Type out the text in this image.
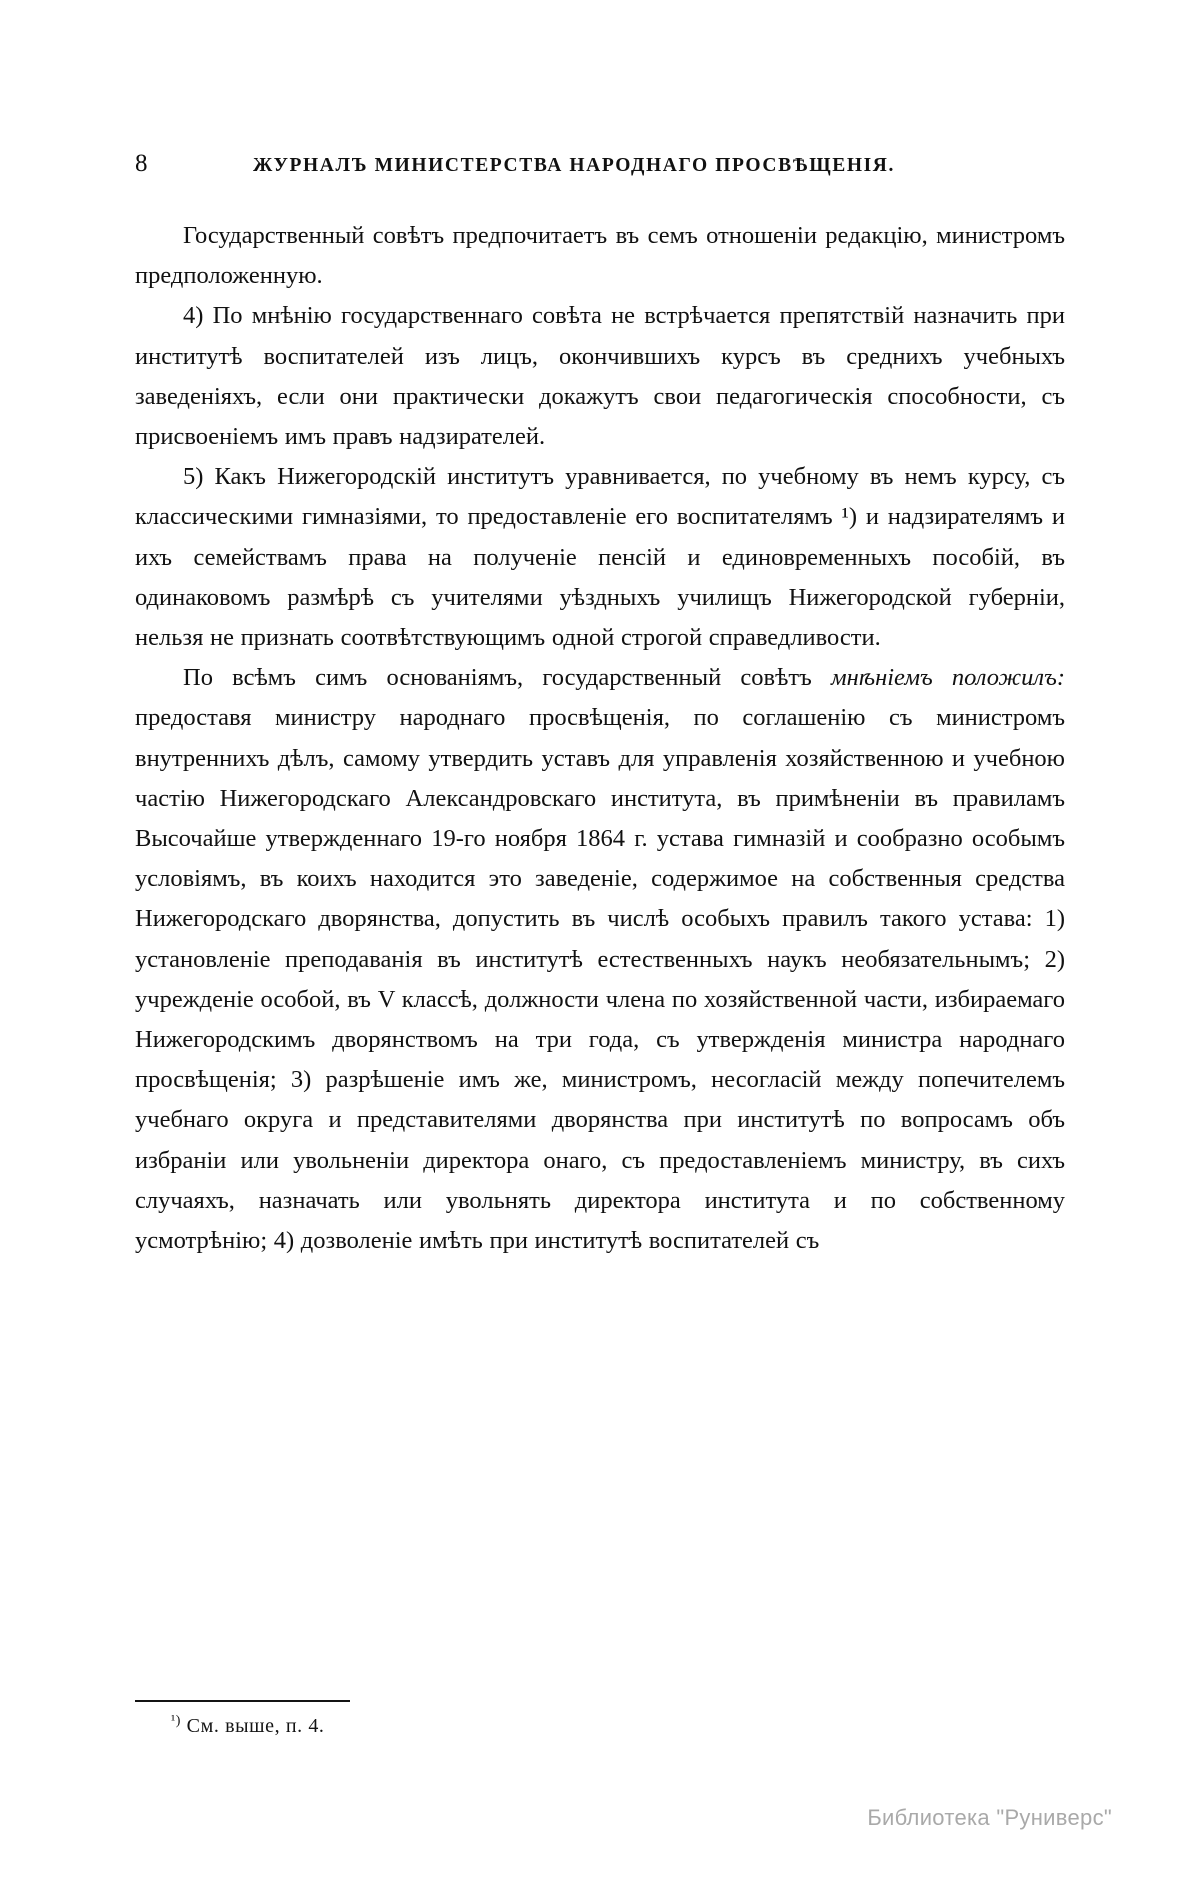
8	ЖУРНАЛЪ МИНИСТЕРСТВА НАРОДНАГО ПРОСВѢЩЕНІЯ.

Государственный совѣтъ предпочитаетъ въ семъ отношеніи редакцію, министромъ предположенную.

4) По мнѣнію государственнаго совѣта не встрѣчается препятствій назначить при институтѣ воспитателей изъ лицъ, окончившихъ курсъ въ среднихъ учебныхъ заведеніяхъ, если они практически докажутъ свои педагогическія способности, съ присвоеніемъ имъ правъ надзирателей.

5) Какъ Нижегородскій институтъ уравнивается, по учебному въ немъ курсу, съ классическими гимназіями, то предоставленіе его воспитателямъ ¹) и надзирателямъ и ихъ семействамъ права на полученіе пенсій и единовременныхъ пособій, въ одинаковомъ размѣрѣ съ учителями уѣздныхъ училищъ Нижегородской губерніи, нельзя не признать соотвѣтствующимъ одной строгой справедливости.

По всѣмъ симъ основаніямъ, государственный совѣтъ мнѣніемъ положилъ: предоставя министру народнаго просвѣщенія, по соглашенію съ министромъ внутреннихъ дѣлъ, самому утвердить уставъ для управленія хозяйственною и учебною частію Нижегородскаго Александровскаго института, въ примѣненіи въ правиламъ Высочайше утвержденнаго 19-го ноября 1864 г. устава гимназій и сообразно особымъ условіямъ, въ коихъ находится это заведеніе, содержимое на собственныя средства Нижегородскаго дворянства, допустить въ числѣ особыхъ правилъ такого устава: 1) установленіе преподаванія въ институтѣ естественныхъ наукъ необязательнымъ; 2) учрежденіе особой, въ V классѣ, должности члена по хозяйственной части, избираемаго Нижегородскимъ дворянствомъ на три года, съ утвержденія министра народнаго просвѣщенія; 3) разрѣшеніе имъ же, министромъ, несогласій между попечителемъ учебнаго округа и представителями дворянства при институтѣ по вопросамъ объ избраніи или увольненіи директора онаго, съ предоставленіемъ министру, въ сихъ случаяхъ, назначать или увольнять директора института и по собственному усмотрѣнію; 4) дозволеніе имѣть при институтѣ воспитателей съ

$^{^1)}$ См. выше, п. 4.
Библиотека "Руниверс"
